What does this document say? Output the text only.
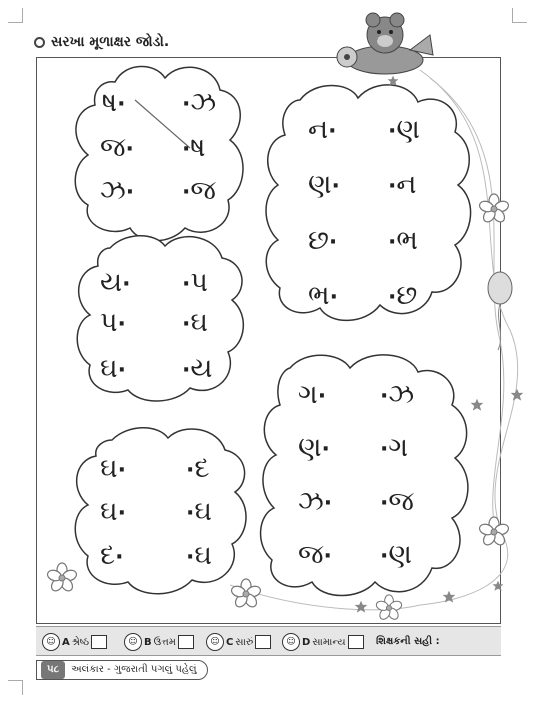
સરખા મૂળાક્ષર જોડો.
ષ·	·ઝ
જ· ·ષ
ઝ· ·જ
ન· ·ણ
ણ· ·ન
છ· ·ભ
ભ· ·છ
ય· ·પ
પ·	·ઘ
ઘ·	·ય
ગ· ·ઝ
ણ· ·ગ
ઝ· ·જ
જ· ·ણ
ઘ·	·દ
ઘ·	·ઘ
દ·	·ઘ
☺ A શ્રેષ્ઠ	☺ B ઉત્તમ	☺ C સારું	☺ D સામાન્ય	શિક્ષકની સહી :
૫૮ અલંકાર - ગુજરાતી પગલું પહેલું
